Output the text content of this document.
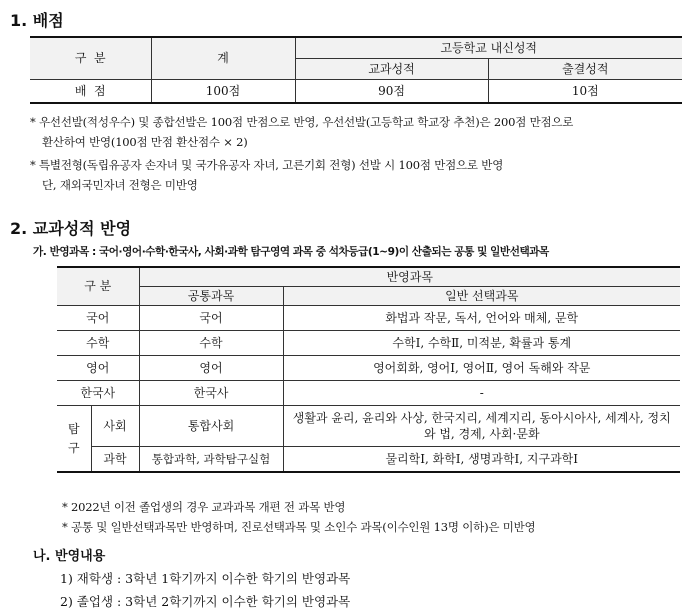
1. 배점
구  분	계	고등학교 내신성적	
		교과성적	출결성적
배  점	100점	90점	10점
* 우선선발(적성우수) 및 종합선발은 100점 만점으로 반영, 우선선발(고등학교 학교장 추천)은 200점 만점으로
환산하여 반영(100점 만점 환산점수 × 2)
* 특별전형(독립유공자 손자녀 및 국가유공자 자녀, 고른기회 전형) 선발 시 100점 만점으로 반영
단, 재외국민자녀 전형은 미반영
2. 교과성적 반영
가. 반영과목 : 국어·영어·수학·한국사, 사회·과학 탐구영역 과목 중 석차등급(1~9)이 산출되는 공통 및 일반선택과목
구 분		반영과목	
		공통과목	일반 선택과목
국어		국어	화법과 작문, 독서, 언어와 매체, 문학
수학		수학	수학Ⅰ, 수학Ⅱ, 미적분, 확률과 통계
영어		영어	영어회화, 영어Ⅰ, 영어Ⅱ, 영어 독해와 작문
한국사		한국사	-
탐구	사회	통합사회	생활과 윤리, 윤리와 사상, 한국지리, 세계지리, 동아시아사, 세계사, 정치와 법, 경제, 사회·문화
	과학	통합과학, 과학탐구실험	물리학Ⅰ, 화학Ⅰ, 생명과학Ⅰ, 지구과학Ⅰ
* 2022년 이전 졸업생의 경우 교과과목 개편 전 과목 반영
* 공통 및 일반선택과목만 반영하며, 진로선택과목 및 소인수 과목(이수인원 13명 이하)은 미반영
나. 반영내용
1) 재학생 : 3학년 1학기까지 이수한 학기의 반영과목
2) 졸업생 : 3학년 2학기까지 이수한 학기의 반영과목
